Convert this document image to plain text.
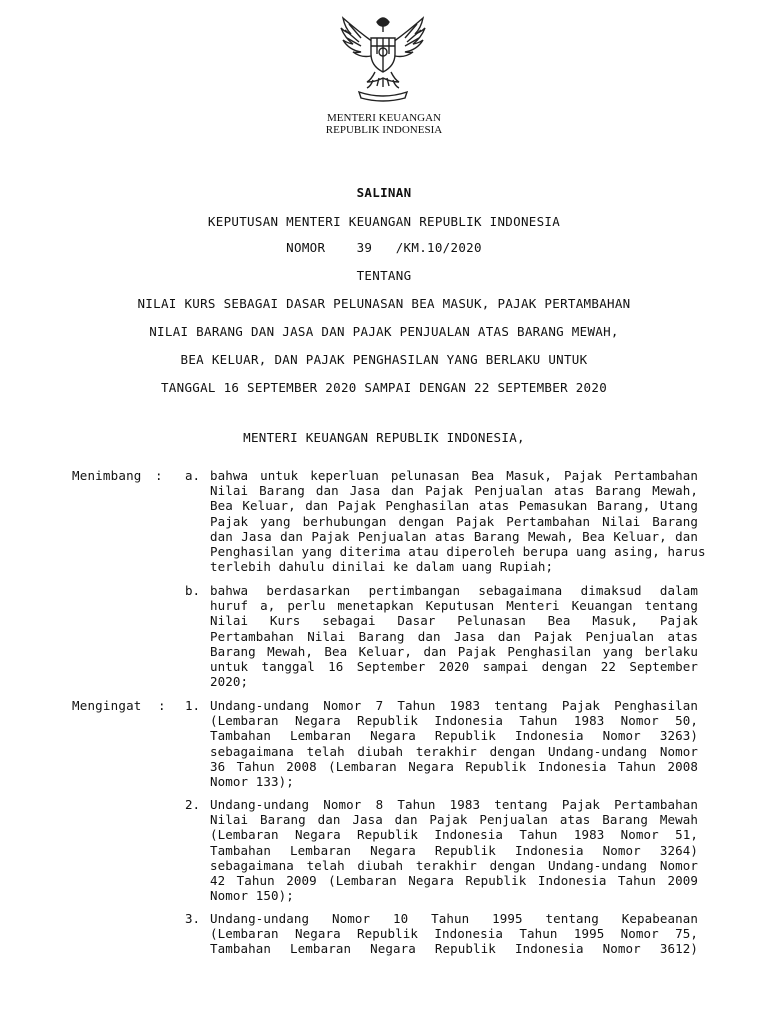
MENTERI KEUANGAN
REPUBLIK INDONESIA
SALINAN
KEPUTUSAN MENTERI KEUANGAN REPUBLIK INDONESIA
NOMOR    39   /KM.10/2020
TENTANG
NILAI KURS SEBAGAI DASAR PELUNASAN BEA MASUK, PAJAK PERTAMBAHAN
NILAI BARANG DAN JASA DAN PAJAK PENJUALAN ATAS BARANG MEWAH,
BEA KELUAR, DAN PAJAK PENGHASILAN YANG BERLAKU UNTUK
TANGGAL 16 SEPTEMBER 2020 SAMPAI DENGAN 22 SEPTEMBER 2020
MENTERI KEUANGAN REPUBLIK INDONESIA,
Menimbang : a. bahwa untuk keperluan pelunasan Bea Masuk, Pajak Pertambahan
Nilai Barang dan Jasa dan Pajak Penjualan atas Barang Mewah,
Bea Keluar, dan Pajak Penghasilan atas Pemasukan Barang, Utang
Pajak yang berhubungan dengan Pajak Pertambahan Nilai Barang
dan Jasa dan Pajak Penjualan atas Barang Mewah, Bea Keluar, dan
Penghasilan yang diterima atau diperoleh berupa uang asing, harus
terlebih dahulu dinilai ke dalam uang Rupiah;
b. bahwa berdasarkan pertimbangan sebagaimana dimaksud dalam
huruf a, perlu menetapkan Keputusan Menteri Keuangan tentang
Nilai Kurs sebagai Dasar Pelunasan Bea Masuk, Pajak
Pertambahan Nilai Barang dan Jasa dan Pajak Penjualan atas
Barang Mewah, Bea Keluar, dan Pajak Penghasilan yang berlaku
untuk tanggal 16 September 2020 sampai dengan 22 September
2020;
Mengingat : 1. Undang-undang Nomor 7 Tahun 1983 tentang Pajak Penghasilan
(Lembaran Negara Republik Indonesia Tahun 1983 Nomor 50,
Tambahan Lembaran Negara Republik Indonesia Nomor 3263)
sebagaimana telah diubah terakhir dengan Undang-undang Nomor
36 Tahun 2008 (Lembaran Negara Republik Indonesia Tahun 2008
Nomor 133);
2. Undang-undang Nomor 8 Tahun 1983 tentang Pajak Pertambahan
Nilai Barang dan Jasa dan Pajak Penjualan atas Barang Mewah
(Lembaran Negara Republik Indonesia Tahun 1983 Nomor 51,
Tambahan Lembaran Negara Republik Indonesia Nomor 3264)
sebagaimana telah diubah terakhir dengan Undang-undang Nomor
42 Tahun 2009 (Lembaran Negara Republik Indonesia Tahun 2009
Nomor 150);
3. Undang-undang Nomor 10 Tahun 1995 tentang Kepabeanan
(Lembaran Negara Republik Indonesia Tahun 1995 Nomor 75,
Tambahan Lembaran Negara Republik Indonesia Nomor 3612)
